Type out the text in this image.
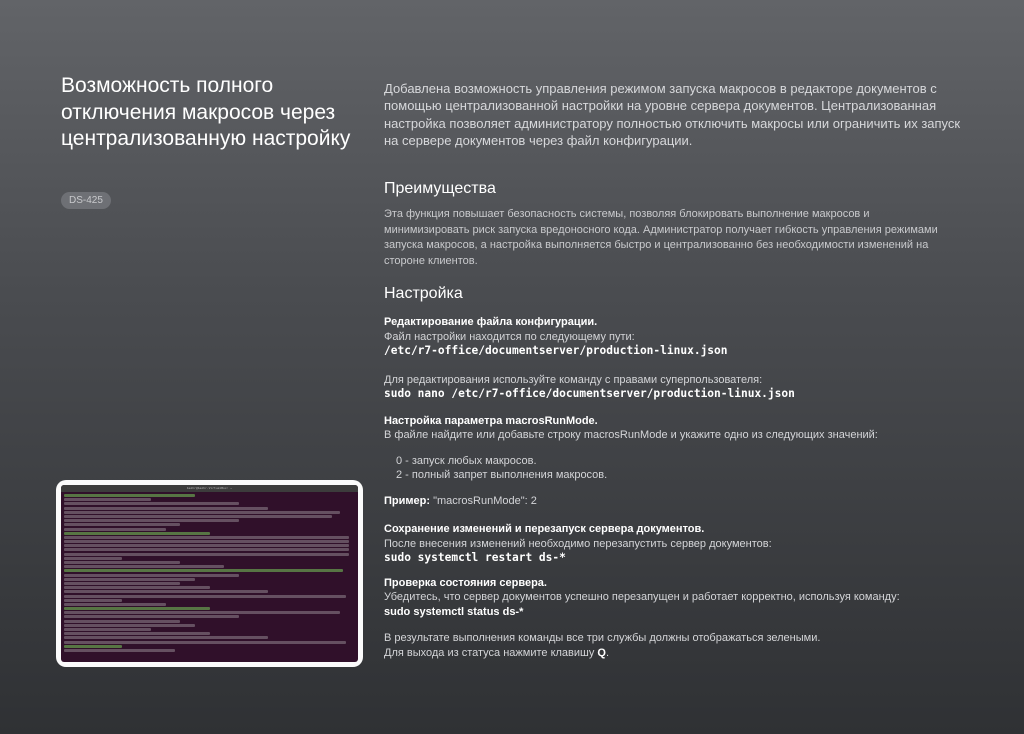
Возможность полного отключения макросов через централизованную настройку
DS-425
bezhr@bezhr-VirtualBox: ~

Добавлена возможность управления режимом запуска макросов в редакторе документов с помощью централизованной настройки на уровне сервера документов. Централизованная настройка позволяет администратору полностью отключить макросы или ограничить их запуск на сервере документов через файл конфигурации.

Преимущества

Эта функция повышает безопасность системы, позволяя блокировать выполнение макросов и минимизировать риск запуска вредоносного кода. Администратор получает гибкость управления режимами запуска макросов, а настройка выполняется быстро и централизованно без необходимости изменений на стороне клиентов.

Настройка

Редактирование файла конфигурации.

Файл настройки находится по следующему пути:

/etc/r7-office/documentserver/production-linux.json

Для редактирования используйте команду с правами суперпользователя:

sudo nano /etc/r7-office/documentserver/production-linux.json

Настройка параметра macrosRunMode.

В файле найдите или добавьте строку macrosRunMode и укажите одно из следующих значений:

0 - запуск любых макросов.

2 - полный запрет выполнения макросов.

Пример: "macrosRunMode": 2

Сохранение изменений и перезапуск сервера документов.

После внесения изменений необходимо перезапустить сервер документов:

sudo systemctl restart ds-*

Проверка состояния сервера.

Убедитесь, что сервер документов успешно перезапущен и работает корректно, используя команду:

sudo systemctl status ds-*

В результате выполнения команды все три службы должны отображаться зелеными.

Для выхода из статуса нажмите клавишу Q.
